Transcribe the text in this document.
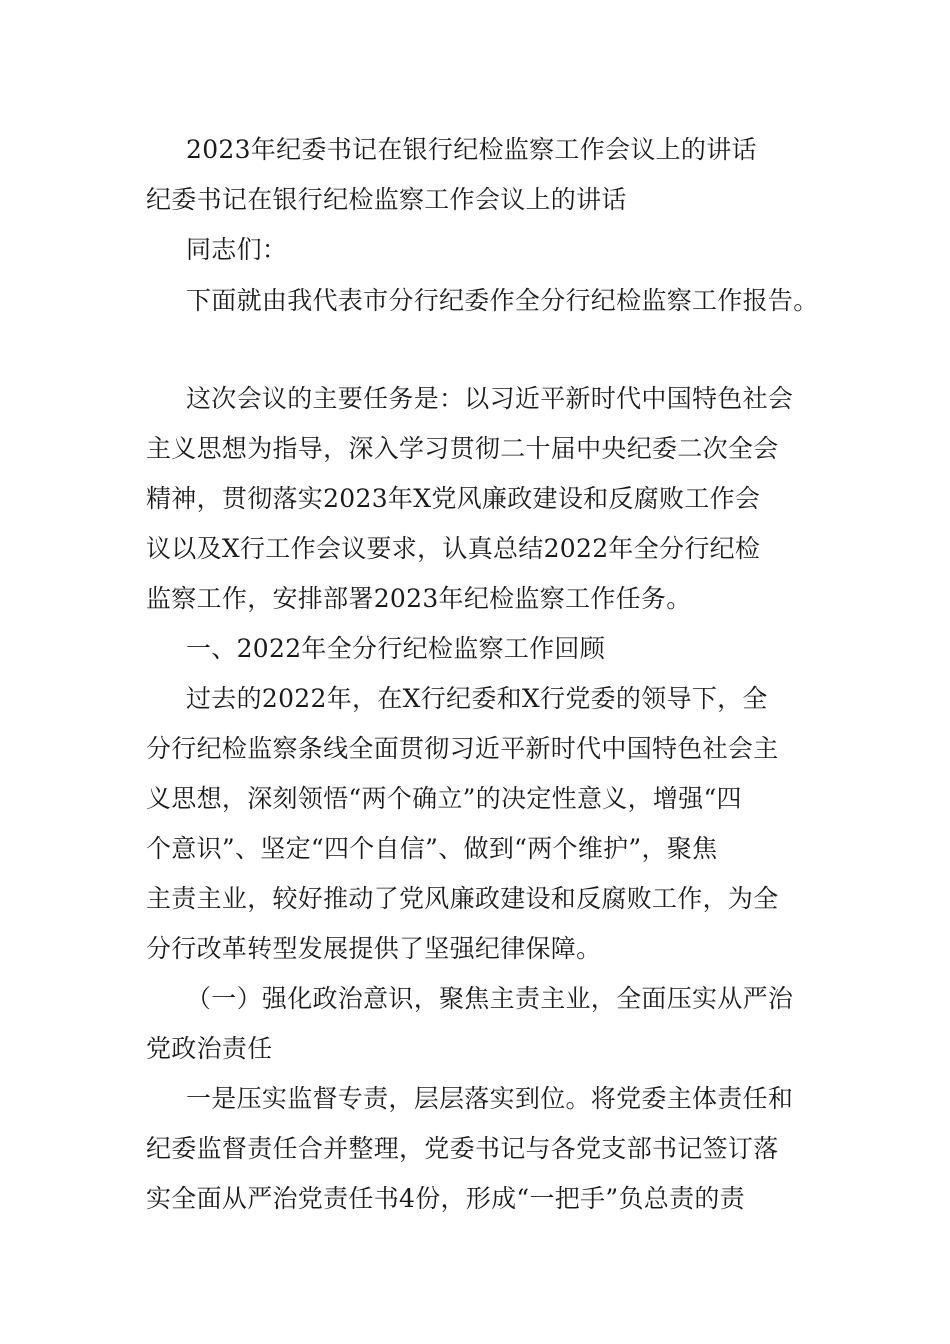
2023年纪委书记在银行纪检监察工作会议上的讲话
纪委书记在银行纪检监察工作会议上的讲话
同志们：
下面就由我代表市分行纪委作全分行纪检监察工作报告。
这次会议的主要任务是：以习近平新时代中国特色社会
主义思想为指导，深入学习贯彻二十届中央纪委二次全会
精神，贯彻落实2023年X党风廉政建设和反腐败工作会
议以及X行工作会议要求，认真总结2022年全分行纪检
监察工作，安排部署2023年纪检监察工作任务。
一、2022年全分行纪检监察工作回顾
过去的2022年，在X行纪委和X行党委的领导下，全
分行纪检监察条线全面贯彻习近平新时代中国特色社会主
义思想，深刻领悟“两个确立”的决定性意义，增强“四
个意识”、坚定“四个自信”、做到“两个维护”，聚焦
主责主业，较好推动了党风廉政建设和反腐败工作，为全
分行改革转型发展提供了坚强纪律保障。
（一）强化政治意识，聚焦主责主业，全面压实从严治
党政治责任
一是压实监督专责，层层落实到位。将党委主体责任和
纪委监督责任合并整理，党委书记与各党支部书记签订落
实全面从严治党责任书4份，形成“一把手”负总责的责
